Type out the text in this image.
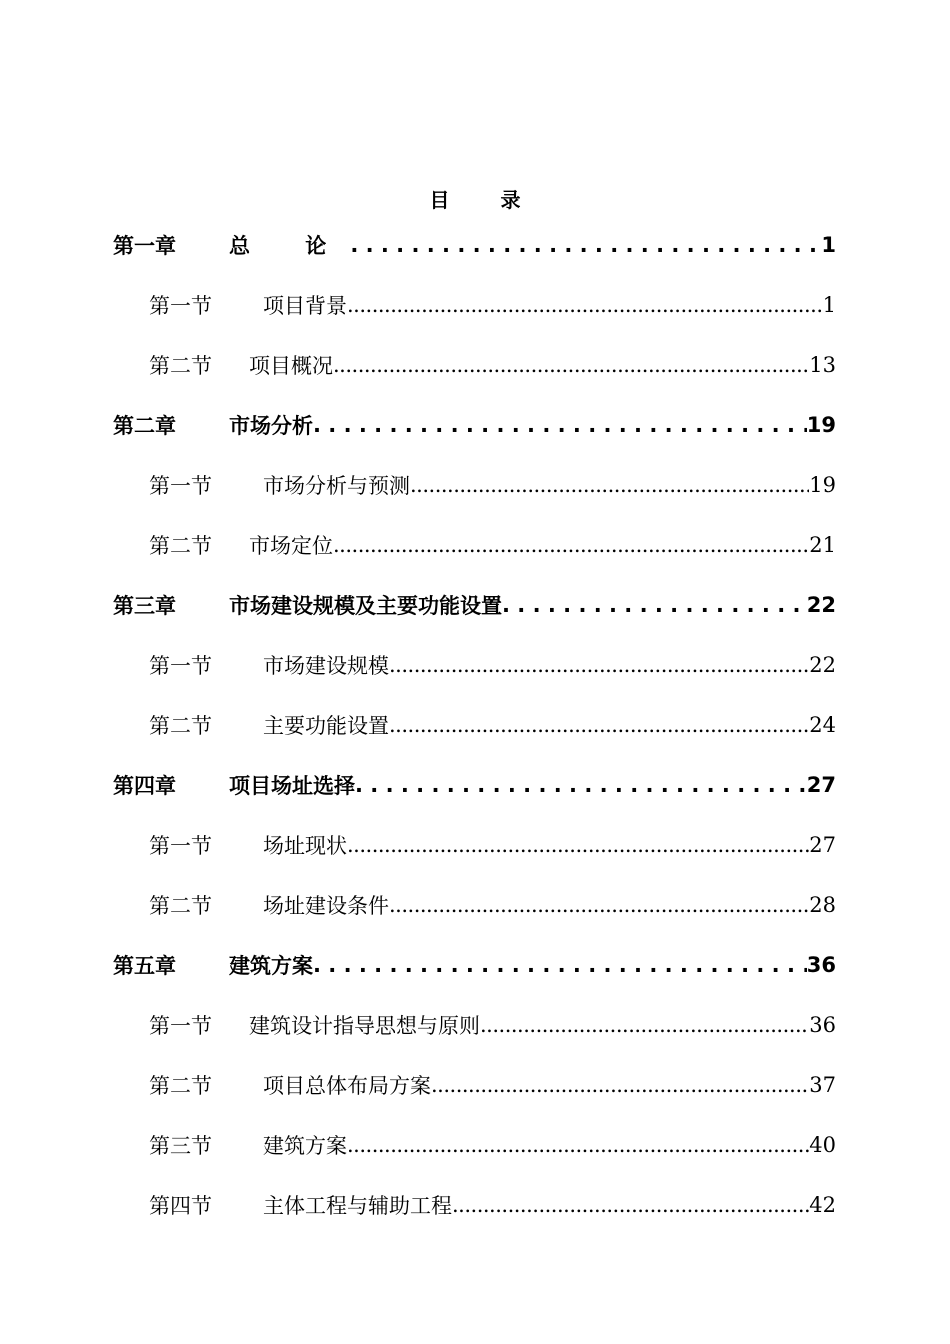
目 录
第一章	总 论 . . .	1
第一节	项目背景 .....	1
第二节	项目概况 .....	13
第二章	市场分析 . . .	19
第一节	市场分析与预测 .....	19
第二节	市场定位 .....	21
第三章	市场建设规模及主要功能设置 . . .	22
第一节	市场建设规模 .....	22
第二节	主要功能设置 .....	24
第四章	项目场址选择 . . .	27
第一节	场址现状 .....	27
第二节	场址建设条件 .....	28
第五章	建筑方案 . . .	36
第一节	建筑设计指导思想与原则 .....	36
第二节	项目总体布局方案 .....	37
第三节	建筑方案 .....	40
第四节	主体工程与辅助工程 .....	42
